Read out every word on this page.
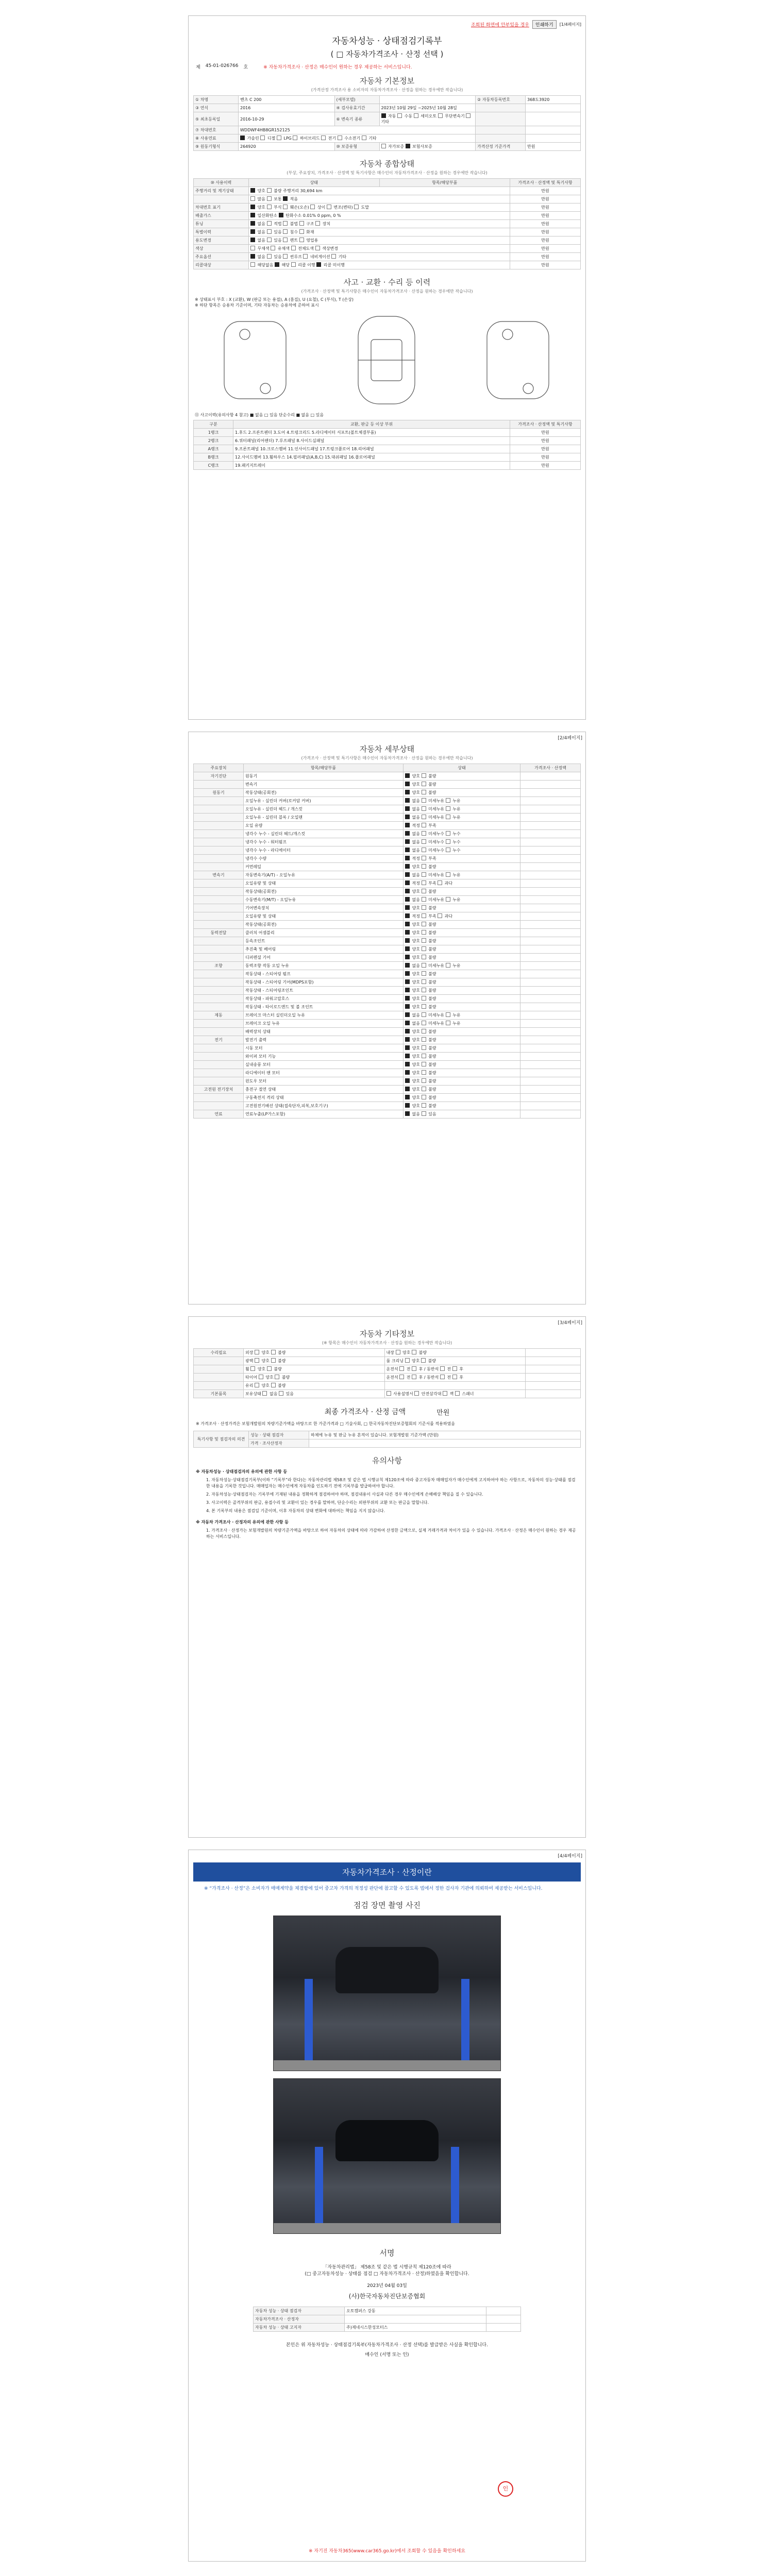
조회된 화면에 안부있을 경우	인쇄하기	[1/4페이지]
자동차성능 · 상태점검기록부
( □ 자동차가격조사 · 산정 선택 )
제 45-01-026766 호	※ 자동차가격조사 · 산정은 매수인이 원하는 경우 제공하는 서비스입니다.
자동차 기본정보
(가격산정 가격조사 용 소비자의 자동차가격조사 · 산정을 원하는 경우에만 작습니다)
① 차명	벤츠 C 200	(세부모델)		② 자동차등록번호	368도3920
③ 연식	2016	④ 검사유효기간	2023년 10월 29일 ~2025년 10월 28일		
⑤ 최초등록일	2016-10-29	⑥ 변속기 종류	자동  수동  세미오토  무단변속기  기타		
⑦ 차대번호	WDDWF4HB8GR152125				
⑧ 사용연료	가솔린  디젤  LPG  하이브리드  전기  수소전기  기타				
⑨ 원동기형식	264920	⑩ 보증유형	자가보증  보험사보증	가격산정 기준가격	만원
자동차 종합상태
(부상, 주요장치, 가격조사 · 산정액 및 특기사항은 매수인이 자동차가격조사 · 산정을 원하는 경우에만 작습니다)
⑩ 사용이력	상태	항목/해당부품	가격조사 · 산정액 및 특기사항
주행거리 및 계기상태	양호  불량 주행거리 30,694 km		만원
	많음  보통  적음		만원
차대번호 표기	양호  부식  훼손(오손)  상이  변조(변타)  도말		만원
배출가스	일산화탄소  탄화수소 0.01% 0 ppm, 0 %		만원
튜닝	없음  적법  불법  구조  장치		만원
특별이력	없음  있음  침수  화재		만원
용도변경	없음  있음  렌트  영업용		만원
색상	무채색  유채색  전체도색  색상변경		만원
주요옵션	없음  있음  썬루프  네비게이션  기타		만원
리콜대상	해당없음  해당  리콜 이행  리콜 미이행		만원
사고 · 교환 · 수리 등 이력
(가격조사 · 산정액 및 특기사항은 매수인이 자동차가격조사 · 산정을 원하는 경우에만 작습니다)
※ 상태표시 부호 : X (교환), W (판금 또는 용접), A (흠집), U (요철), C (부식), T (손상)
※ 하단 항목은 승용차 기준이며, 기타 자동차는 승용차에 준하여 표시
⑪ 사고이력(유의사항 4 참고) ■ 없음 □ 있음 단순수리 ■ 없음 □ 있음
구분	교환, 판금 등 이상 부위	가격조사 · 산정액 및 특기사항
1랭크	1.후드 2.프론트펜더 3.도어 4.트렁크리드 5.라디에이터 서포트(볼트체결부품)	만원
2랭크	6.쿼터패널(리어펜더) 7.루프패널 8.사이드실패널	만원
A랭크	9.프론트패널 10.크로스멤버 11.인사이드패널 17.트렁크플로어 18.리어패널	만원
B랭크	12.사이드멤버 13.휠하우스 14.필러패널(A,B,C) 15.대쉬패널 16.플로어패널	만원
C랭크	19.패키지트레이	만원
[2/4페이지]
자동차 세부상태
(가격조사 · 산정액 및 특기사항은 매수인이 자동차가격조사 · 산정을 원하는 경우에만 작습니다)
주요장치	항목/해당부품	상태	가격조사 · 산정액
자기진단	원동기	양호  불량	
	변속기	양호  불량	
원동기	작동상태(공회전)	양호  불량	
	오일누유 - 실린더 커버(로커암 커버)	없음  미세누유  누유	
	오일누유 - 실린더 헤드 / 개스킷	없음  미세누유  누유	
	오일누유 - 실린더 블록 / 오일팬	없음  미세누유  누유	
	오일 유량	적정  부족	
	냉각수 누수 - 실린더 헤드/개스킷	없음  미세누수  누수	
	냉각수 누수 - 워터펌프	없음  미세누수  누수	
	냉각수 누수 - 라디에이터	없음  미세누수  누수	
	냉각수 수량	적정  부족	
	커먼레일	양호  불량	
변속기	자동변속기(A/T) - 오일누유	없음  미세누유  누유	
	오일유량 및 상태	적정  부족  과다	
	작동상태(공회전)	양호  불량	
	수동변속기(M/T) - 오일누유	없음  미세누유  누유	
	기어변속장치	양호  불량	
	오일유량 및 상태	적정  부족  과다	
	작동상태(공회전)	양호  불량	
동력전달	클러치 어셈블리	양호  불량	
	등속조인트	양호  불량	
	추진축 및 베어링	양호  불량	
	디퍼렌셜 기어	양호  불량	
조향	동력조향 작동 오일 누유	없음  미세누유  누유	
	작동상태 - 스티어링 펌프	양호  불량	
	작동상태 - 스티어링 기어(MDPS포함)	양호  불량	
	작동상태 - 스티어링조인트	양호  불량	
	작동상태 - 파워고압호스	양호  불량	
	작동상태 - 타이로드엔드 및 볼 조인트	양호  불량	
제동	브레이크 마스터 실린더오일 누유	없음  미세누유  누유	
	브레이크 오일 누유	없음  미세누유  누유	
	배력장치 상태	양호  불량	
전기	발전기 출력	양호  불량	
	시동 모터	양호  불량	
	와이퍼 모터 기능	양호  불량	
	실내송풍 모터	양호  불량	
	라디에이터 팬 모터	양호  불량	
	윈도우 모터	양호  불량	
고전원 전기장치	충전구 절연 상태	양호  불량	
	구동축전지 격리 상태	양호  불량	
	고전원전기배선 상태(접속단자,피복,보호기구)	양호  불량	
연료	연료누출(LP가스포함)	없음  있음	
[3/4페이지]
자동차 기타정보
(※ 항목은 매수인이 자동차가격조사 · 산정을 원하는 경우에만 작습니다)
수리필요	외장  양호  불량	내장  양호  불량	
	광택  양호  불량	룸 크리닝  양호  불량	
	휠  양호  불량	운전석  전  후 / 동반석  전  후	
	타이어  양호  불량	운전석  전  후 / 동반석  전  후	
	유리  양호  불량		
기본품목	보유상태  없음  있음	사용설명서  안전삼각대  잭  스패너	
최종 가격조사 · 산정 금액	만원
※ 가격조사 · 산정가격은 보험개발원의 차량기준가액을 바탕으로 한 가준가격과 □ 기술사회, □ 한국자동차진단보증협회의 기준서를 적용하였음
특기사항 및 점검자의 의견	성능 · 상태 점검자	하체에 누유 및 판금 누유 흔적이 있습니다. 보험개발원 기준가액 (만원)
	가격 · 조사산정자	
유의사항
※ 자동차성능 · 상태점검자의 유의에 관한 사항 등
1. 자동차성능·상태점검기록부(이하 “기록부”라 한다)는 자동차관리법 제58조 및 같은 법 시행규칙 제120조에 따라 중고자동차 매매업자가 매수인에게 고지하여야 하는 사항으로, 자동차의 성능·상태를 점검한 내용을 기록한 것입니다. 매매업자는 매수인에게 자동차를 인도하기 전에 기록부를 발급하여야 합니다.
2. 자동차성능·상태점검자는 기록부에 기재된 내용을 정확하게 점검하여야 하며, 점검내용이 사실과 다른 경우 매수인에게 손해배상 책임을 질 수 있습니다.
3. 사고이력은 골격부위의 판금, 용접수리 및 교환이 있는 경우를 말하며, 단순수리는 외판부위의 교환 또는 판금을 말합니다.
4. 본 기록부의 내용은 점검일 기준이며, 이후 자동차의 상태 변화에 대하여는 책임을 지지 않습니다.
※ 자동차 가격조사 · 산정자의 유의에 관한 사항 등
1. 가격조사 · 산정가는 보험개발원의 차량기준가액을 바탕으로 하여 자동차의 상태에 따라 가감하여 산정한 금액으로, 실제 거래가격과 차이가 있을 수 있습니다. 가격조사 · 산정은 매수인이 원하는 경우 제공하는 서비스입니다.
[4/4페이지]
자동차가격조사 · 산정이란
※ “가격조사 · 산정”은 소비자가 매매계약을 체결함에 있어 중고차 가격의 적정성 판단에 참고할 수 있도록 법에서 정한 검사자 기관에 의뢰하여 제공받는 서비스입니다.
점검 장면 촬영 사진
서명
「자동차관리법」 제58조 및 같은 법 시행규칙 제120조에 따라
(□ 중고자동차성능 · 상태를 점검 □ 자동차가격조사 · 산정)하였음을 확인합니다.
2023년 04월 03일
(사)한국자동차진단보증협회
자동차 성능 · 상태 점검자	오토캠퍼스 강동	
자동차가격조사 · 산정자		
자동차 성능 · 상태 고지자	주)제네시스한성모터스	
인
본인은 위 자동차성능 · 상태점검기록부(자동차가격조사 · 산정 선택)를 발급받은 사실을 확인합니다.
매수인 (서명 또는 인)
※ 자기진 자동차365(www.car365.go.kr)에서 조회할 수 있음을 확인하세요
